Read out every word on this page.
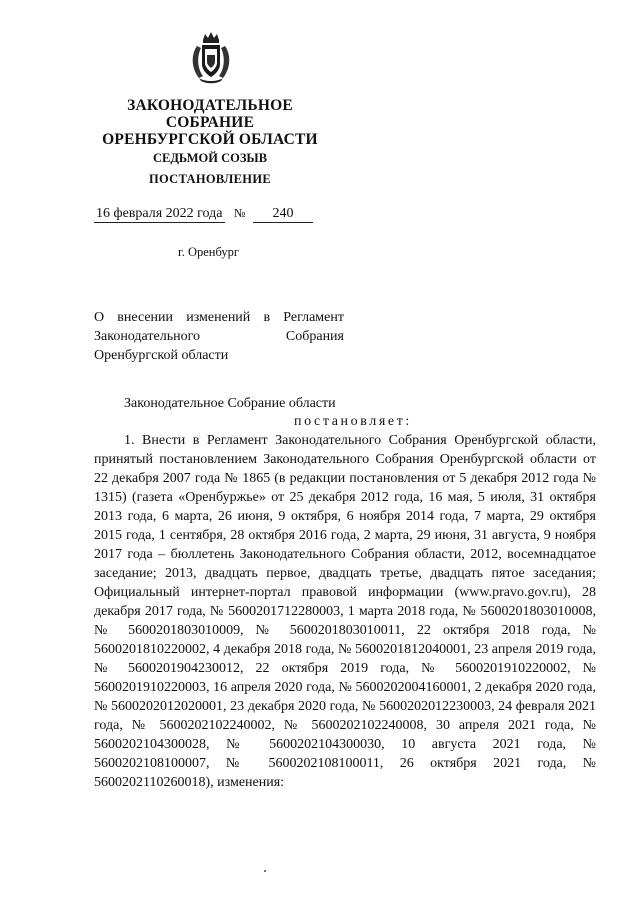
ЗАКОНОДАТЕЛЬНОЕ
СОБРАНИЕ
ОРЕНБУРГСКОЙ ОБЛАСТИ
СЕДЬМОЙ СОЗЫВ
ПОСТАНОВЛЕНИЕ
16 февраля 2022 года № 240
г. Оренбург
О внесении изменений в Регламент Законодательного Собрания Оренбургской области
Законодательное Собрание области
постановляет:

1. Внести в Регламент Законодательного Собрания Оренбургской области, принятый постановлением Законодательного Собрания Оренбургской области от 22 декабря 2007 года № 1865 (в редакции постановления от 5 декабря 2012 года № 1315) (газета «Оренбуржье» от 25 декабря 2012 года, 16 мая, 5 июля, 31 октября 2013 года, 6 марта, 26 июня, 9 октября, 6 ноября 2014 года, 7 марта, 29 октября 2015 года, 1 сентября, 28 октября 2016 года, 2 марта, 29 июня, 31 августа, 9 ноября 2017 года – бюллетень Законодательного Собрания области, 2012, восемнадцатое заседание; 2013, двадцать первое, двадцать третье, двадцать пятое заседания; Официальный интернет-портал правовой информации (www.pravo.gov.ru), 28 декабря 2017 года, № 5600201712280003, 1 марта 2018 года, № 5600201803010008, № 5600201803010009, № 5600201803010011, 22 октября 2018 года, № 5600201810220002, 4 декабря 2018 года, № 5600201812040001, 23 апреля 2019 года, № 5600201904230012, 22 октября 2019 года, № 5600201910220002, № 5600201910220003, 16 апреля 2020 года, № 5600202004160001, 2 декабря 2020 года, № 5600202012020001, 23 декабря 2020 года, № 5600202012230003, 24 февраля 2021 года, № 5600202102240002, № 5600202102240008, 30 апреля 2021 года, № 5600202104300028, № 5600202104300030, 10 августа 2021 года, № 5600202108100007, № 5600202108100011, 26 октября 2021 года, № 5600202110260018), изменения:
